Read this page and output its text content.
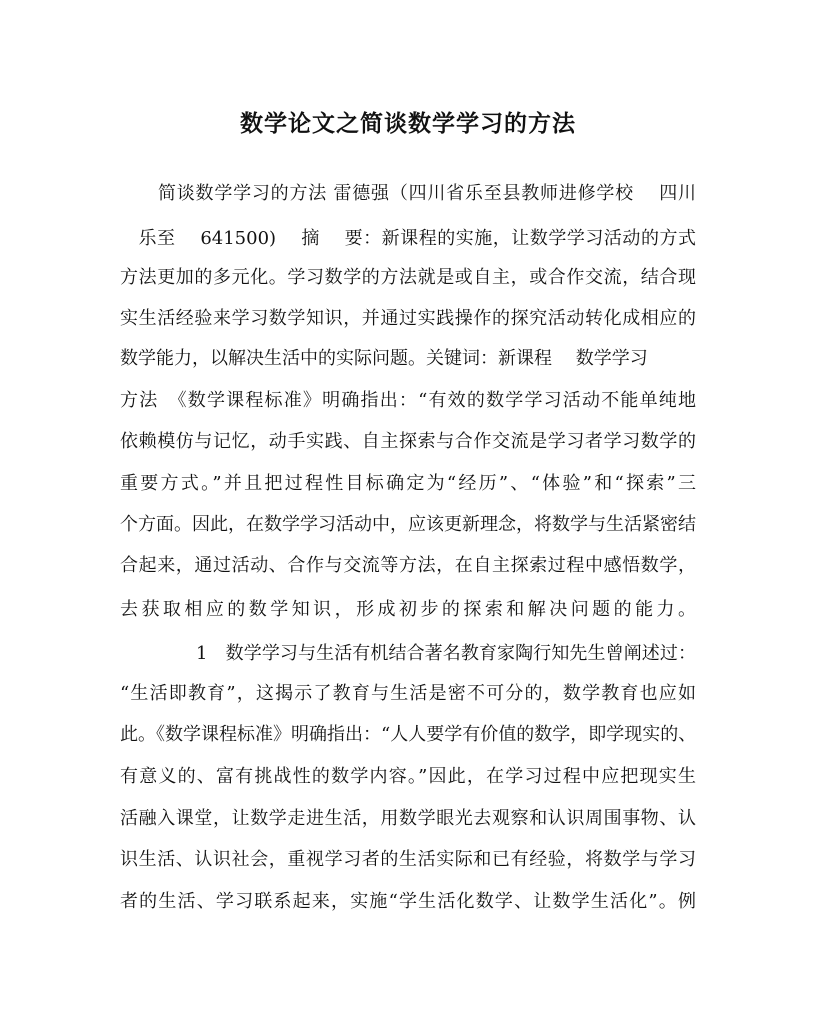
数学论文之简谈数学学习的方法
简谈数学学习的方法 雷德强（四川省乐至县教师进修学校　 四川
　乐至　 641500)　 摘　 要：新课程的实施，让数学学习活动的方式
方法更加的多元化。学习数学的方法就是或自主，或合作交流，结合现
实生活经验来学习数学知识，并通过实践操作的探究活动转化成相应的
数学能力，以解决生活中的实际问题。关键词：新课程　 数学学习
方法　《数学课程标准》明确指出：“有效的数学学习活动不能单纯地
依赖模仿与记忆，动手实践、自主探索与合作交流是学习者学习数学的
重要方式。”并且把过程性目标确定为“经历”、“体验”和“探索”三
个方面。因此，在数学学习活动中，应该更新理念，将数学与生活紧密结
合起来，通过活动、合作与交流等方法，在自主探索过程中感悟数学，
去获取相应的数学知识，形成初步的探索和解决问题的能力。
1　数学学习与生活有机结合著名教育家陶行知先生曾阐述过：
“生活即教育”，这揭示了教育与生活是密不可分的，数学教育也应如
此。《数学课程标准》明确指出：“人人要学有价值的数学，即学现实的、
有意义的、富有挑战性的数学内容。”因此，在学习过程中应把现实生
活融入课堂，让数学走进生活，用数学眼光去观察和认识周围事物、认
识生活、认识社会，重视学习者的生活实际和已有经验，将数学与学习
者的生活、学习联系起来，实施“学生活化数学、让数学生活化”。例
